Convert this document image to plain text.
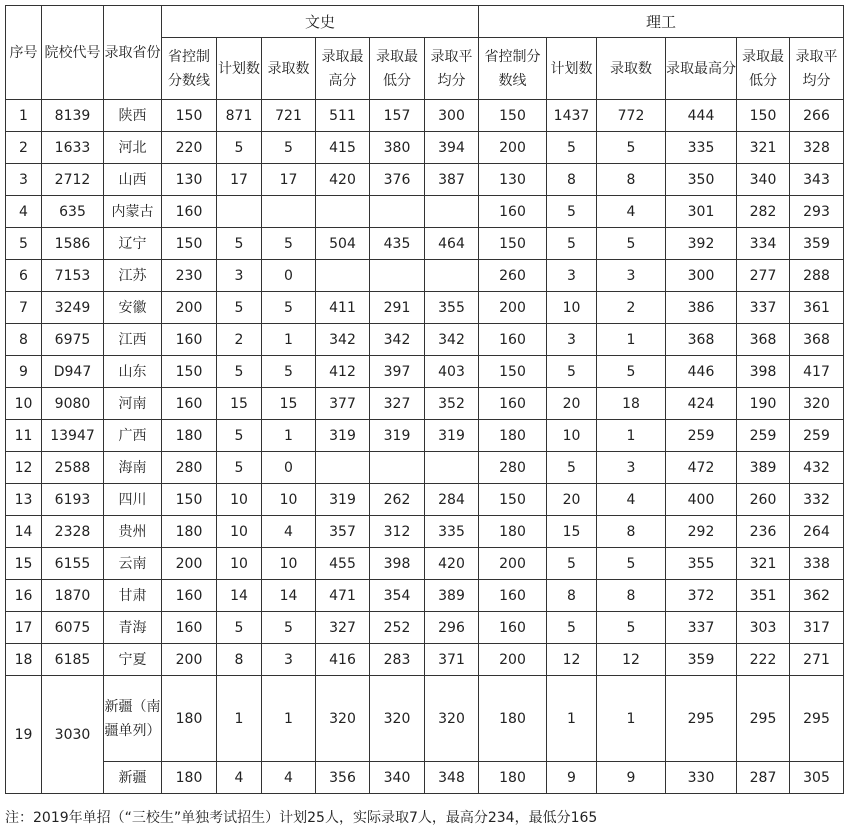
序号	院校代号	录取省份	文史						理工					
			省控制分数线	计划数	录取数	录取最高分	录取最低分	录取平均分	省控制分数线	计划数	录取数	录取最高分	录取最低分	录取平均分
1	8139	陕西	150	871	721	511	157	300	150	1437	772	444	150	266
2	1633	河北	220	5	5	415	380	394	200	5	5	335	321	328
3	2712	山西	130	17	17	420	376	387	130	8	8	350	340	343
4	635	内蒙古	160						160	5	4	301	282	293
5	1586	辽宁	150	5	5	504	435	464	150	5	5	392	334	359
6	7153	江苏	230	3	0				260	3	3	300	277	288
7	3249	安徽	200	5	5	411	291	355	200	10	2	386	337	361
8	6975	江西	160	2	1	342	342	342	160	3	1	368	368	368
9	D947	山东	150	5	5	412	397	403	150	5	5	446	398	417
10	9080	河南	160	15	15	377	327	352	160	20	18	424	190	320
11	13947	广西	180	5	1	319	319	319	180	10	1	259	259	259
12	2588	海南	280	5	0				280	5	3	472	389	432
13	6193	四川	150	10	10	319	262	284	150	20	4	400	260	332
14	2328	贵州	180	10	4	357	312	335	180	15	8	292	236	264
15	6155	云南	200	10	10	455	398	420	200	5	5	355	321	338
16	1870	甘肃	160	14	14	471	354	389	160	8	8	372	351	362
17	6075	青海	160	5	5	327	252	296	160	5	5	337	303	317
18	6185	宁夏	200	8	3	416	283	371	200	12	12	359	222	271
19	3030	新疆（南疆单列）	180	1	1	320	320	320	180	1	1	295	295	295
		新疆	180	4	4	356	340	348	180	9	9	330	287	305
注：2019年单招（“三校生”单独考试招生）计划25人，实际录取7人，最高分234，最低分165
